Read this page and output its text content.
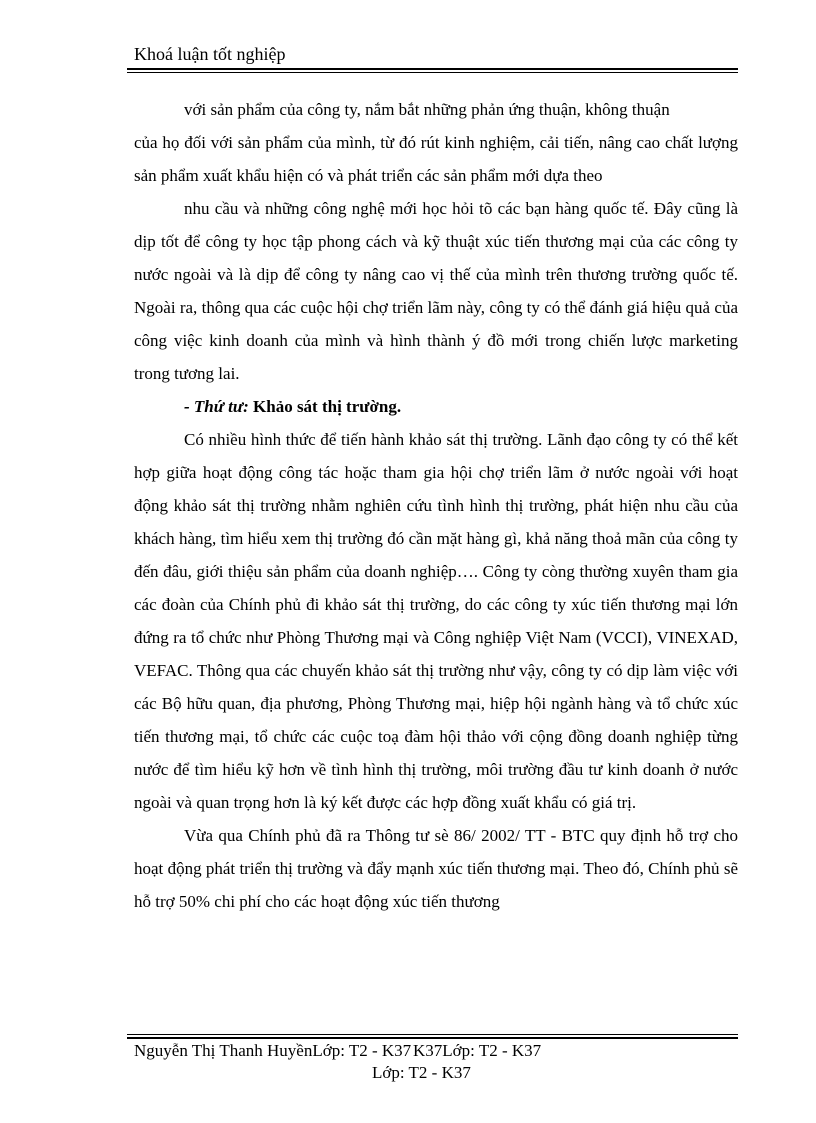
Khoá luận tốt nghiệp

với sản phẩm của công ty, nắm bắt những phản ứng thuận, không thuận

của họ đối với sản phẩm của mình, từ đó rút kinh nghiệm, cải tiến, nâng cao chất lượng sản phẩm xuất khẩu hiện có và phát triển các sản phẩm mới dựa theo

nhu cầu và những công nghệ mới học hỏi tõ các bạn hàng quốc tế. Đây cũng là dịp tốt để công ty học tập phong cách và kỹ thuật xúc tiến thương mại của các công ty nước ngoài và là dịp để công ty nâng cao vị thế của mình trên thương trường quốc tế. Ngoài ra, thông qua các cuộc hội chợ triển lãm này, công ty có thể đánh giá hiệu quả của công việc kinh doanh của mình và hình thành ý đồ mới trong chiến lược marketing trong tương lai.

- Thứ tư: Khảo sát thị trường.

Có nhiều hình thức để tiến hành khảo sát thị trường. Lãnh đạo công ty có thể kết hợp giữa hoạt động công tác hoặc tham gia hội chợ triển lãm ở nước ngoài với hoạt động khảo sát thị trường nhằm nghiên cứu tình hình thị trường, phát hiện nhu cầu của khách hàng, tìm hiểu xem thị trường đó cần mặt hàng gì, khả năng thoả mãn của công ty đến đâu, giới thiệu sản phẩm của doanh nghiệp…. Công ty còng thường xuyên tham gia các đoàn của Chính phủ đi khảo sát thị trường, do các công ty xúc tiến thương mại lớn đứng ra tổ chức như Phòng Thương mại và Công nghiệp Việt Nam (VCCI), VINEXAD, VEFAC. Thông qua các chuyến khảo sát thị trường như vậy, công ty có dịp làm việc với các Bộ hữu quan, địa phương, Phòng Thương mại, hiệp hội ngành hàng và tổ chức xúc tiến thương mại, tổ chức các cuộc toạ đàm hội thảo với cộng đồng doanh nghiệp từng nước để tìm hiểu kỹ hơn về tình hình thị trường, môi trường đầu tư kinh doanh ở nước ngoài và quan trọng hơn là ký kết được các hợp đồng xuất khẩu có giá trị.

Vừa qua Chính phủ đã ra Thông tư sè 86/ 2002/ TT - BTC quy định hỗ trợ cho hoạt động phát triển thị trường và đẩy mạnh xúc tiến thương mại. Theo đó, Chính phủ sẽ hỗ trợ 50% chi phí cho các hoạt động xúc tiến thương

Nguyễn Thị Thanh HuyềnLớp: T2 - K37 K37Lớp: T2 - K37
Lớp: T2 - K37
